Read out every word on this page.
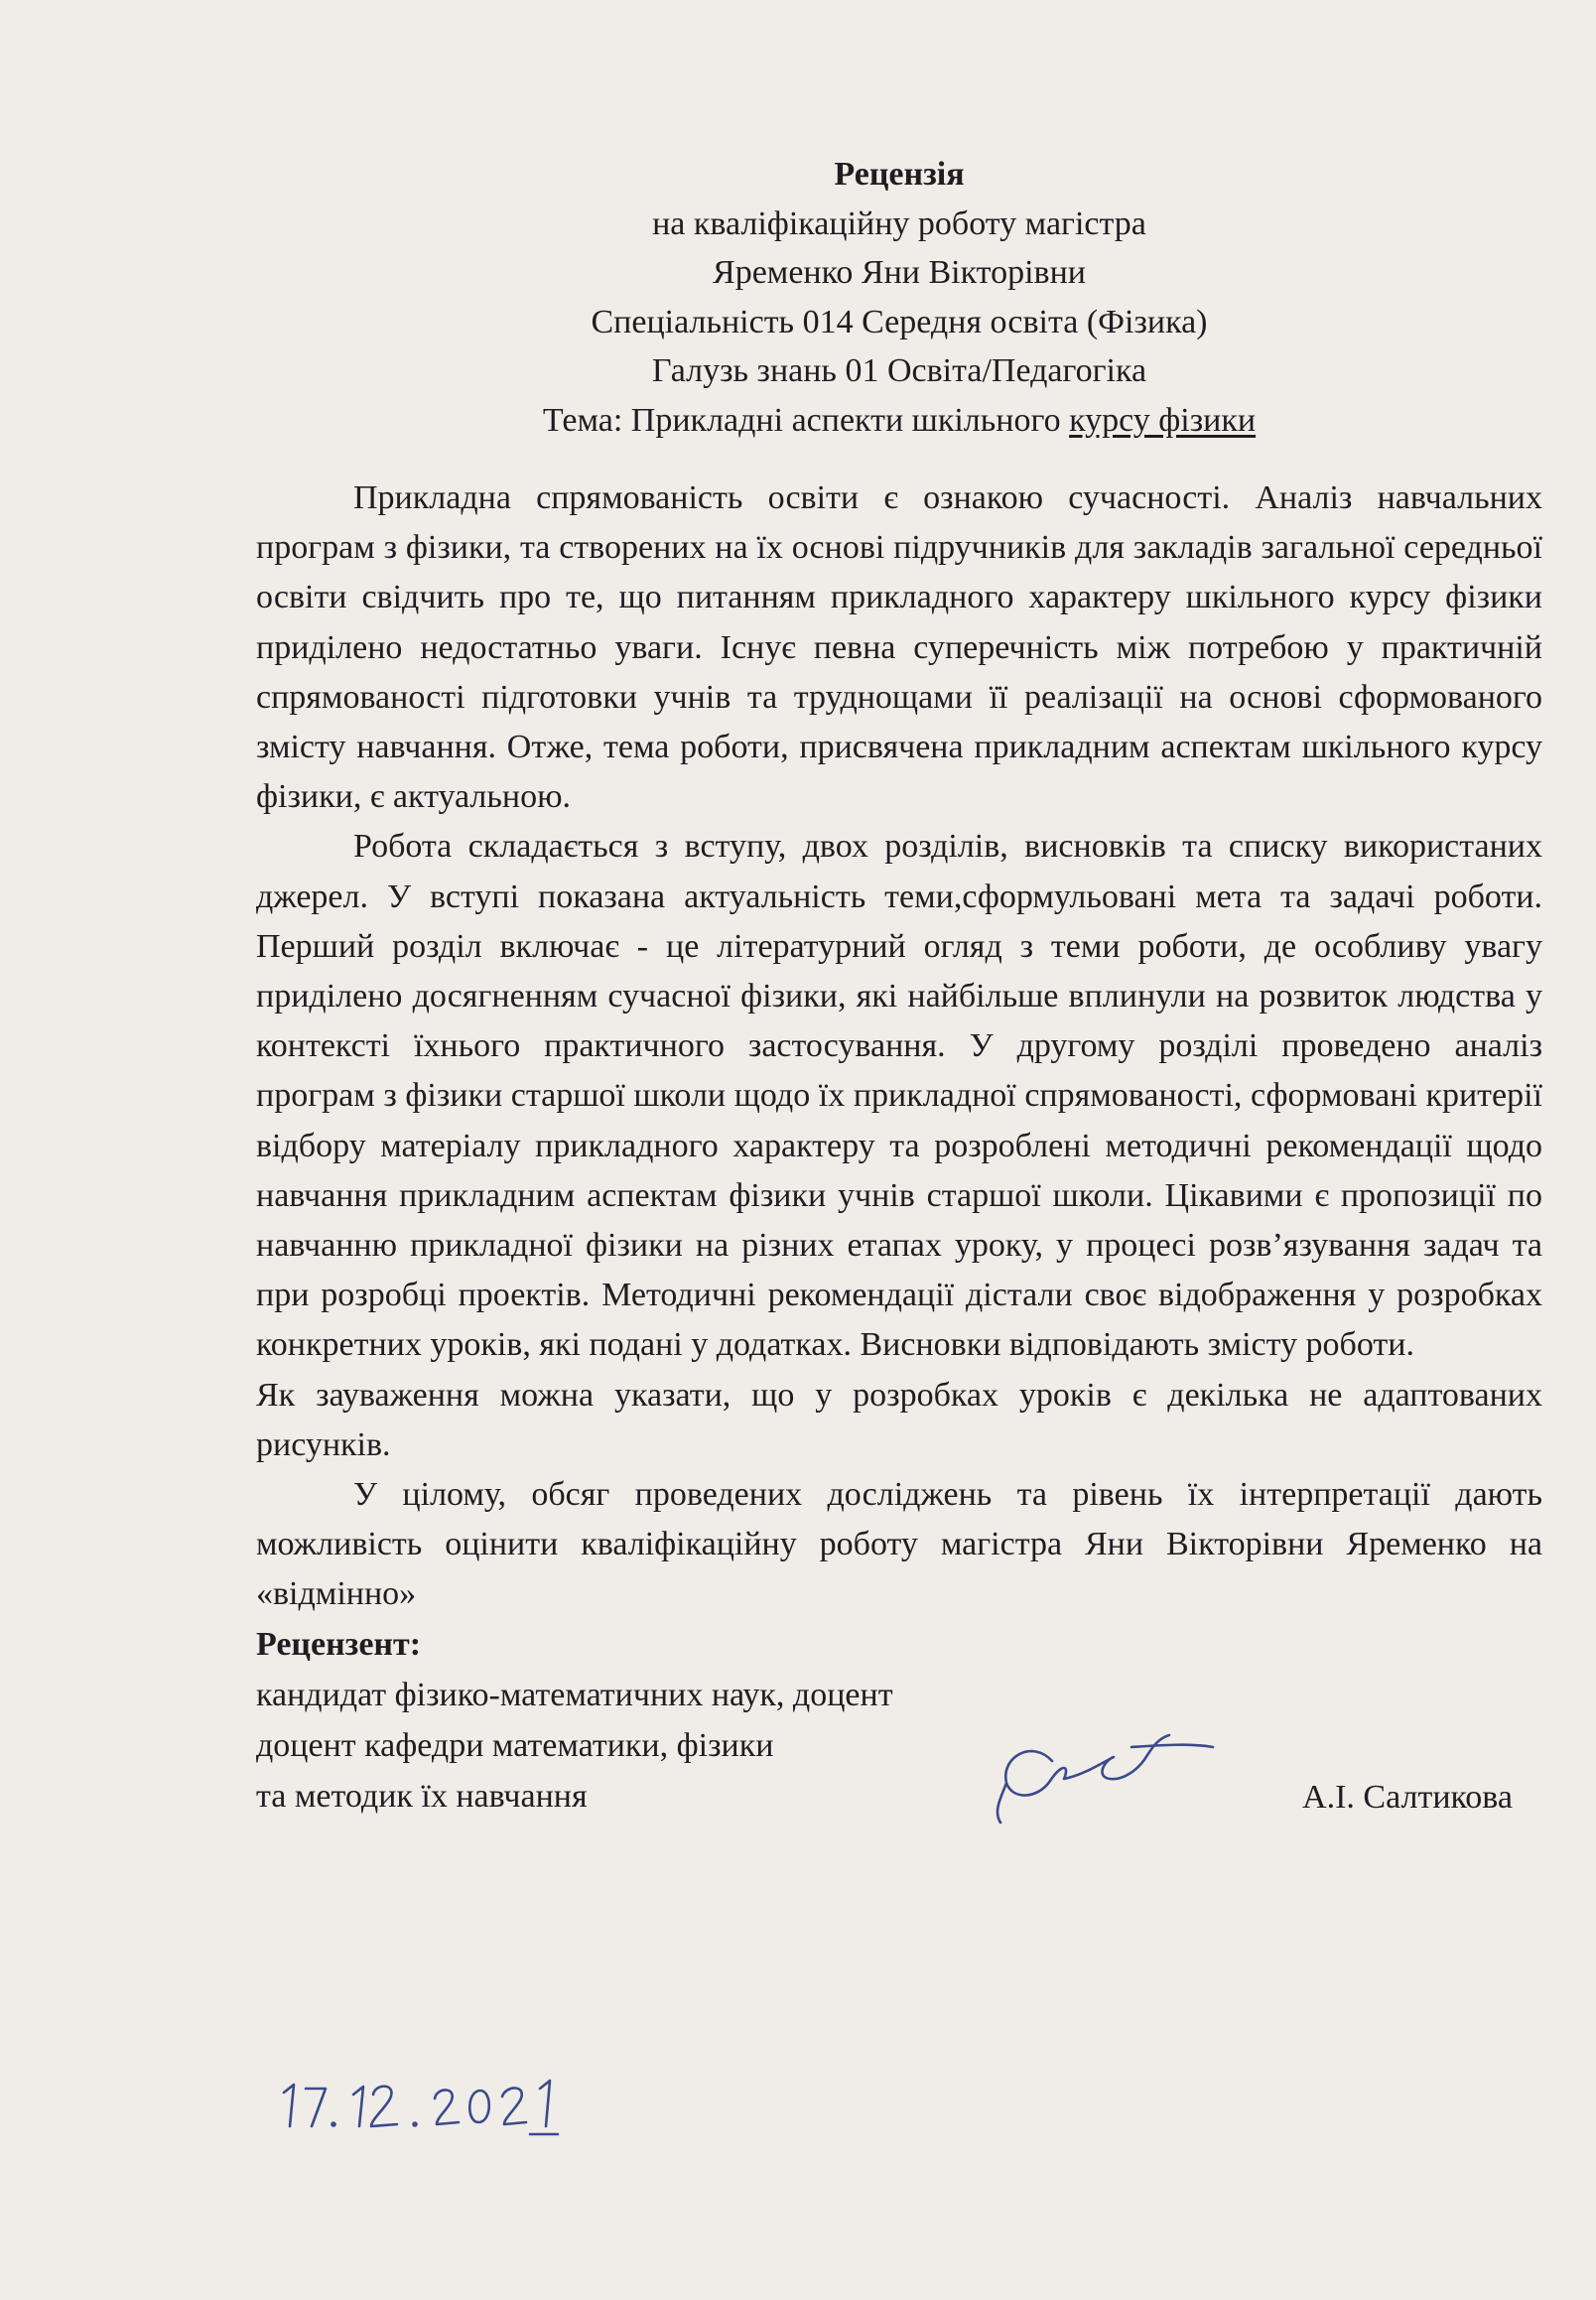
Рецензія
на кваліфікаційну роботу магістра
Яременко Яни Вікторівни
Спеціальність 014 Середня освіта (Фізика)
Галузь знань 01 Освіта/Педагогіка
Тема: Прикладні аспекти шкільного курсу фізики

Прикладна спрямованість освіти є ознакою сучасності. Аналіз навчальних програм з фізики, та створених на їх основі підручників для закладів загальної середньої освіти свідчить про те, що питанням прикладного характеру шкільного курсу фізики приділено недостатньо уваги. Існує певна суперечність між потребою у практичній спрямованості підготовки учнів та труднощами її реалізації на основі сформованого змісту навчання. Отже, тема роботи, присвячена прикладним аспектам шкільного курсу фізики, є актуальною.

Робота складається з вступу, двох розділів, висновків та списку використаних джерел. У вступі показана актуальність теми,сформульовані мета та задачі роботи. Перший розділ включає - це літературний огляд з теми роботи, де особливу увагу приділено досягненням сучасної фізики, які найбільше вплинули на розвиток людства у контексті їхнього практичного застосування. У другому розділі проведено аналіз програм з фізики старшої школи щодо їх прикладної спрямованості, сформовані критерії відбору матеріалу прикладного характеру та розроблені методичні рекомендації щодо навчання прикладним аспектам фізики учнів старшої школи. Цікавими є пропозиції по навчанню прикладної фізики на різних етапах уроку, у процесі розв’язування задач та при розробці проектів. Методичні рекомендації дістали своє відображення у розробках конкретних уроків, які подані у додатках. Висновки відповідають змісту роботи.

Як зауваження можна указати, що у розробках уроків є декілька не адаптованих рисунків.

У цілому, обсяг проведених досліджень та рівень їх інтерпретації дають можливість оцінити кваліфікаційну роботу магістра Яни Вікторівни Яременко на «відмінно»

Рецензент:
кандидат фізико-математичних наук, доцент
доцент кафедри математики, фізики
та методик їх навчання	А.І. Салтикова
